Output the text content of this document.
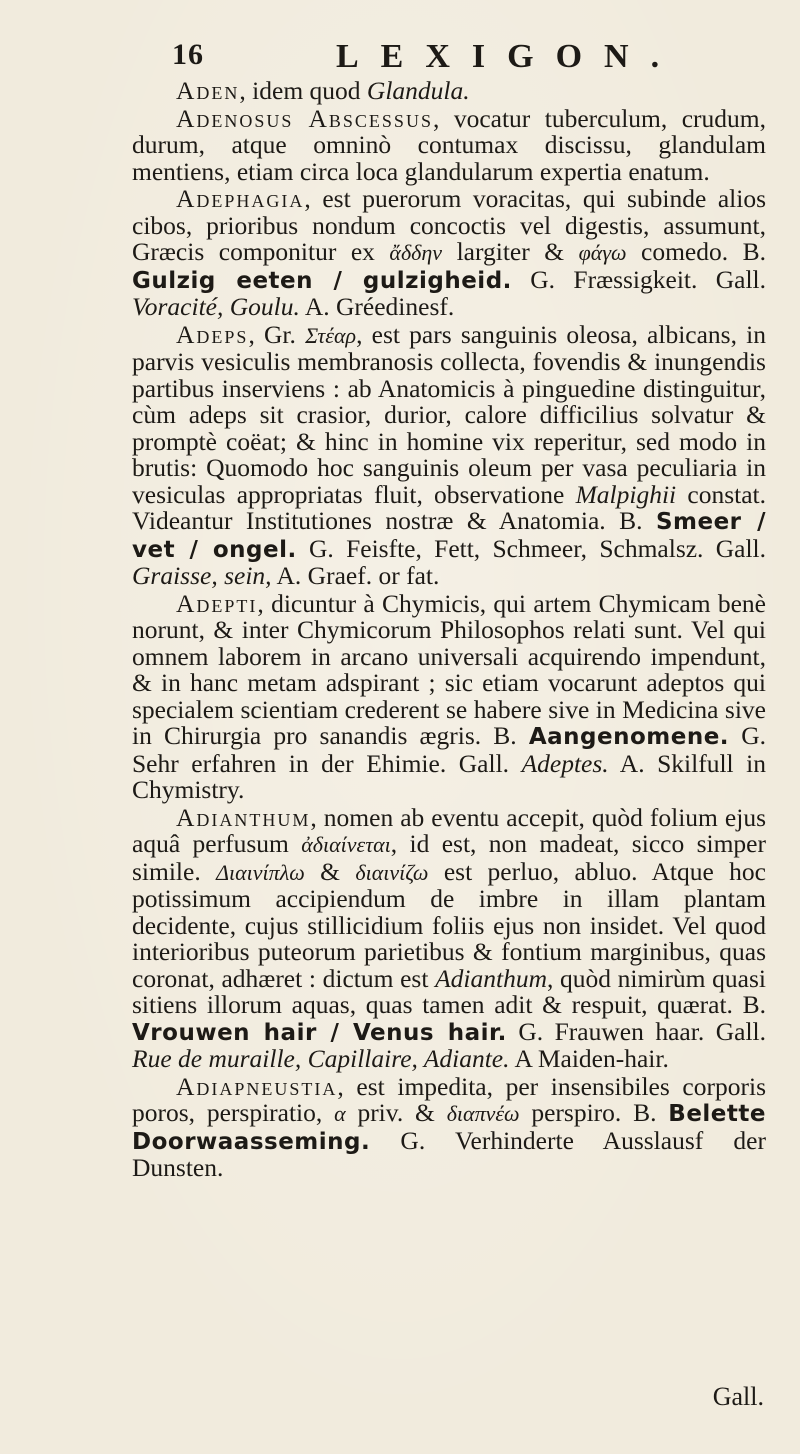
16	LEXIGON.

Aden, idem quod Glandula.

Adenosus Abscessus, vocatur tuberculum, crudum, durum, atque omninò contumax discissu, glandulam mentiens, etiam circa loca glandularum expertia enatum.

Adephagia, est puerorum voracitas, qui subinde alios cibos, prioribus nondum concoctis vel digestis, assumunt, Græcis componitur ex ἄδδην largiter & φάγω comedo. B. Gulzig eeten / gulzigheid. G. Fræssigkeit. Gall. Voracité, Goulu. A. Gréedinesf.

Adeps, Gr. Στέαρ, est pars sanguinis oleosa, albicans, in parvis vesiculis membranosis collecta, fovendis & inungendis partibus inserviens : ab Anatomicis à pinguedine distinguitur, cùm adeps sit crasior, durior, calore difficilius solvatur & promptè coëat; & hinc in homine vix reperitur, sed modo in brutis: Quomodo hoc sanguinis oleum per vasa peculiaria in vesiculas appropriatas fluit, observatione Malpighii constat. Videantur Institutiones nostræ & Anatomia. B. Smeer / vet / ongel. G. Feisfte, Fett, Schmeer, Schmalsz. Gall. Graisse, sein, A. Graef. or fat.

Adepti, dicuntur à Chymicis, qui artem Chymicam benè norunt, & inter Chymicorum Philosophos relati sunt. Vel qui omnem laborem in arcano universali acquirendo impendunt, & in hanc metam adspirant ; sic etiam vocarunt adeptos qui specialem scientiam crederent se habere sive in Medicina sive in Chirurgia pro sanandis ægris. B. Aangenomene. G. Sehr erfahren in der Ehimie. Gall. Adeptes. A. Skilfull in Chymistry.

Adianthum, nomen ab eventu accepit, quòd folium ejus aquâ perfusum ἀδιαίνεται, id est, non madeat, sicco simper simile. Διαινίπλω & διαινίζω est perluo, abluo. Atque hoc potissimum accipiendum de imbre in illam plantam decidente, cujus stillicidium foliis ejus non insidet. Vel quod interioribus puteorum parietibus & fontium marginibus, quas coronat, adhæret : dictum est Adianthum, quòd nimirùm quasi sitiens illorum aquas, quas tamen adit & respuit, quærat. B. Vrouwen hair / Venus hair. G. Frauwen haar. Gall. Rue de muraille, Capillaire, Adiante. A Maiden-hair.

Adiapneustia, est impedita, per insensibiles corporis poros, perspiratio, α priv. & διαπνέω perspiro. B. Belette Doorwaasseming. G. Verhinderte Ausslausf der Dunsten.

Gall.
